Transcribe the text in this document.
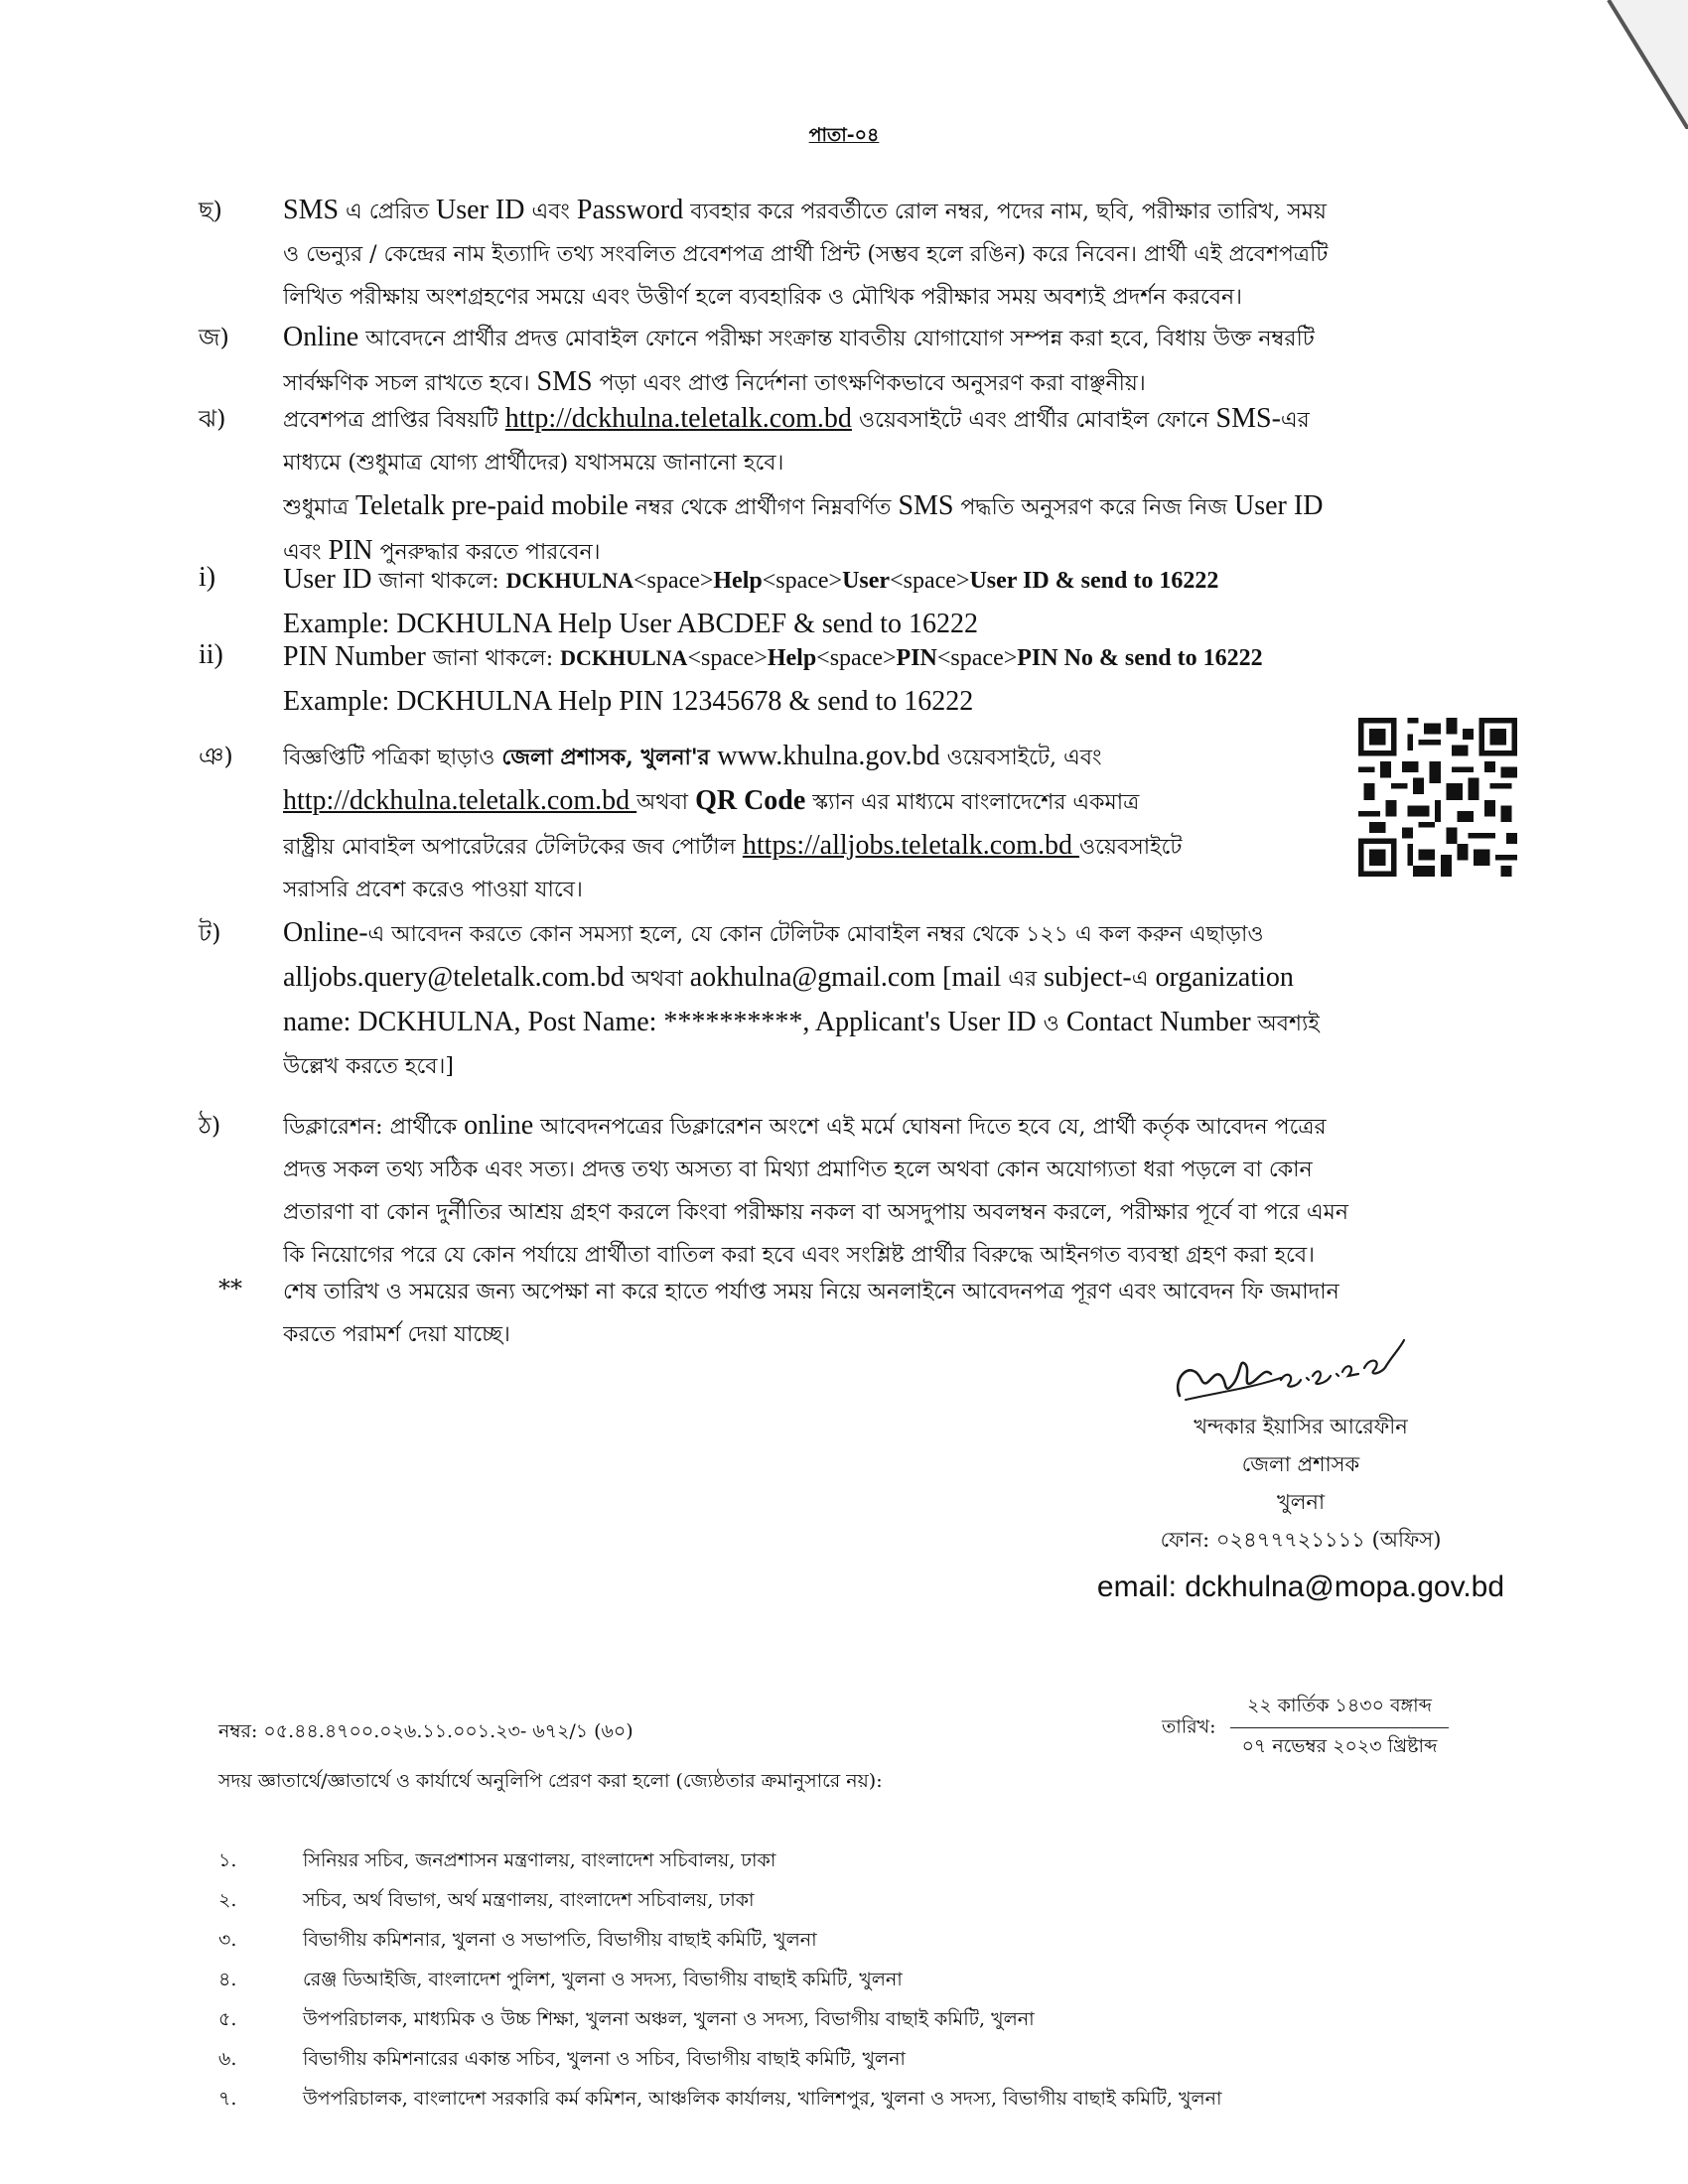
পাতা-০৪
ছ)	SMS এ প্রেরিত User ID এবং Password ব্যবহার করে পরবর্তীতে রোল নম্বর, পদের নাম, ছবি, পরীক্ষার তারিখ, সময়
ও ভেন্যুর / কেন্দ্রের নাম ইত্যাদি তথ্য সংবলিত প্রবেশপত্র প্রার্থী প্রিন্ট (সম্ভব হলে রঙিন) করে নিবেন। প্রার্থী এই প্রবেশপত্রটি
লিখিত পরীক্ষায় অংশগ্রহণের সময়ে এবং উত্তীর্ণ হলে ব্যবহারিক ও মৌখিক পরীক্ষার সময় অবশ্যই প্রদর্শন করবেন।
জ)	Online আবেদনে প্রার্থীর প্রদত্ত মোবাইল ফোনে পরীক্ষা সংক্রান্ত যাবতীয় যোগাযোগ সম্পন্ন করা হবে, বিধায় উক্ত নম্বরটি
সার্বক্ষণিক সচল রাখতে হবে। SMS পড়া এবং প্রাপ্ত নির্দেশনা তাৎক্ষণিকভাবে অনুসরণ করা বাঞ্ছনীয়।
ঝ)	প্রবেশপত্র প্রাপ্তির বিষয়টি http://dckhulna.teletalk.com.bd ওয়েবসাইটে এবং প্রার্থীর মোবাইল ফোনে SMS-এর
মাধ্যমে (শুধুমাত্র যোগ্য প্রার্থীদের) যথাসময়ে জানানো হবে।
শুধুমাত্র Teletalk pre-paid mobile নম্বর থেকে প্রার্থীগণ নিম্নবর্ণিত SMS পদ্ধতি অনুসরণ করে নিজ নিজ User ID
এবং PIN পুনরুদ্ধার করতে পারবেন।
i)	User ID জানা থাকলে: DCKHULNA<space>Help<space>User<space>User ID & send to 16222
Example: DCKHULNA Help User ABCDEF & send to 16222
ii)	PIN Number জানা থাকলে: DCKHULNA<space>Help<space>PIN<space>PIN No & send to 16222
Example: DCKHULNA Help PIN 12345678 & send to 16222
ঞ)	বিজ্ঞপ্তিটি পত্রিকা ছাড়াও জেলা প্রশাসক, খুলনা'র www.khulna.gov.bd ওয়েবসাইটে, এবং
http://dckhulna.teletalk.com.bd অথবা QR Code স্ক্যান এর মাধ্যমে বাংলাদেশের একমাত্র
রাষ্ট্রীয় মোবাইল অপারেটরের টেলিটকের জব পোর্টাল https://alljobs.teletalk.com.bd ওয়েবসাইটে
সরাসরি প্রবেশ করেও পাওয়া যাবে।
ট)	Online-এ আবেদন করতে কোন সমস্যা হলে, যে কোন টেলিটক মোবাইল নম্বর থেকে ১২১ এ কল করুন এছাড়াও
alljobs.query@teletalk.com.bd অথবা aokhulna@gmail.com [mail এর subject-এ organization
name: DCKHULNA, Post Name: **********, Applicant's User ID ও Contact Number অবশ্যই
উল্লেখ করতে হবে।]
ঠ)	ডিক্লারেশন: প্রার্থীকে online আবেদনপত্রের ডিক্লারেশন অংশে এই মর্মে ঘোষনা দিতে হবে যে, প্রার্থী কর্তৃক আবেদন পত্রের
প্রদত্ত সকল তথ্য সঠিক এবং সত্য। প্রদত্ত তথ্য অসত্য বা মিথ্যা প্রমাণিত হলে অথবা কোন অযোগ্যতা ধরা পড়লে বা কোন
প্রতারণা বা কোন দুর্নীতির আশ্রয় গ্রহণ করলে কিংবা পরীক্ষায় নকল বা অসদুপায় অবলম্বন করলে, পরীক্ষার পূর্বে বা পরে এমন
কি নিয়োগের পরে যে কোন পর্যায়ে প্রার্থীতা বাতিল করা হবে এবং সংশ্লিষ্ট প্রার্থীর বিরুদ্ধে আইনগত ব্যবস্থা গ্রহণ করা হবে।
**	শেষ তারিখ ও সময়ের জন্য অপেক্ষা না করে হাতে পর্যাপ্ত সময় নিয়ে অনলাইনে আবেদনপত্র পূরণ এবং আবেদন ফি জমাদান
করতে পরামর্শ দেয়া যাচ্ছে।
খন্দকার ইয়াসির আরেফীন
জেলা প্রশাসক
খুলনা
ফোন: ০২৪৭৭৭২১১১১ (অফিস)
email: dckhulna@mopa.gov.bd
নম্বর: ০৫.৪৪.৪৭০০.০২৬.১১.০০১.২৩- ৬৭২/১ (৬০)	তারিখ:
২২ কার্তিক ১৪৩০ বঙ্গাব্দ
০৭ নভেম্বর ২০২৩ খ্রিষ্টাব্দ
সদয় জ্ঞাতার্থে/জ্ঞাতার্থে ও কার্যার্থে অনুলিপি প্রেরণ করা হলো (জ্যেষ্ঠতার ক্রমানুসারে নয়):
১.	সিনিয়র সচিব, জনপ্রশাসন মন্ত্রণালয়, বাংলাদেশ সচিবালয়, ঢাকা
২.	সচিব, অর্থ বিভাগ, অর্থ মন্ত্রণালয়, বাংলাদেশ সচিবালয়, ঢাকা
৩.	বিভাগীয় কমিশনার, খুলনা ও সভাপতি, বিভাগীয় বাছাই কমিটি, খুলনা
৪.	রেঞ্জ ডিআইজি, বাংলাদেশ পুলিশ, খুলনা ও সদস্য, বিভাগীয় বাছাই কমিটি, খুলনা
৫.	উপপরিচালক, মাধ্যমিক ও উচ্চ শিক্ষা, খুলনা অঞ্চল, খুলনা ও সদস্য, বিভাগীয় বাছাই কমিটি, খুলনা
৬.	বিভাগীয় কমিশনারের একান্ত সচিব, খুলনা ও সচিব, বিভাগীয় বাছাই কমিটি, খুলনা
৭.	উপপরিচালক, বাংলাদেশ সরকারি কর্ম কমিশন, আঞ্চলিক কার্যালয়, খালিশপুর, খুলনা ও সদস্য, বিভাগীয় বাছাই কমিটি, খুলনা
